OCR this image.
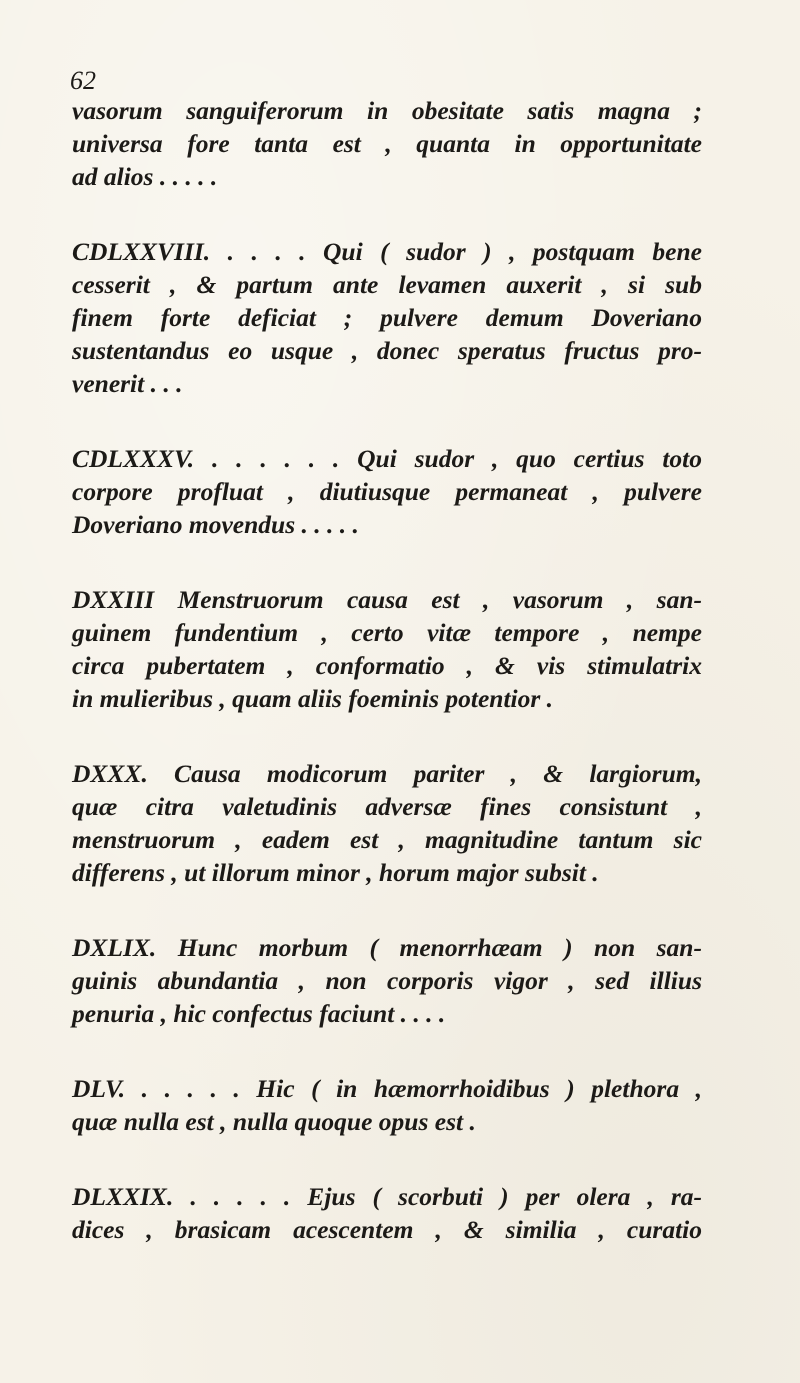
62
vasorum sanguiferorum in obesitate satis magna ;
universa fore tanta est , quanta in opportunitate
ad alios . . . . .
CDLXXVIII. . . . . Qui ( sudor ) , postquam bene
cesserit , & partum ante levamen auxerit , si sub
finem forte deficiat ; pulvere demum Doveriano
sustentandus eo usque , donec speratus fructus pro-
venerit . . .
CDLXXXV. . . . . . . Qui sudor , quo certius toto
corpore profluat , diutiusque permaneat , pulvere
Doveriano movendus . . . . .
DXXIII Menstruorum causa est , vasorum , san-
guinem fundentium , certo vitæ tempore , nempe
circa pubertatem , conformatio , & vis stimulatrix
in mulieribus , quam aliis foeminis potentior .
DXXX. Causa modicorum pariter , & largiorum,
quæ citra valetudinis adversæ fines consistunt ,
menstruorum , eadem est , magnitudine tantum sic
differens , ut illorum minor , horum major subsit .
DXLIX. Hunc morbum ( menorrhæam ) non san-
guinis abundantia , non corporis vigor , sed illius
penuria , hic confectus faciunt . . . .
DLV. . . . . . Hic ( in hæmorrhoidibus ) plethora ,
quæ nulla est , nulla quoque opus est .
DLXXIX. . . . . . Ejus ( scorbuti ) per olera , ra-
dices , brasicam acescentem , & similia , curatio
